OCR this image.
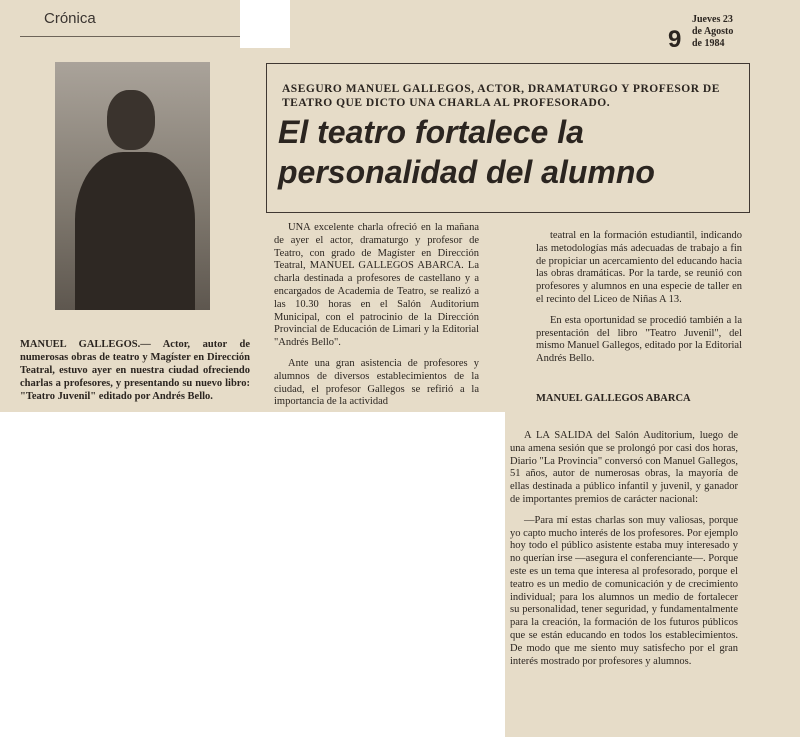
Crónica
9
Jueves 23
de Agosto
de 1984
MANUEL GALLEGOS.— Actor, autor de numerosas obras de teatro y Magíster en Dirección Teatral, estuvo ayer en nuestra ciudad ofreciendo charlas a profesores, y presentando su nuevo libro: "Teatro Juvenil" editado por Andrés Bello.
ASEGURO MANUEL GALLEGOS, ACTOR, DRAMATURGO Y PROFESOR DE TEATRO QUE DICTO UNA CHARLA AL PROFESORADO.
El teatro fortalece la personalidad del alumno

UNA excelente charla ofreció en la mañana de ayer el actor, dramaturgo y profesor de Teatro, con grado de Magíster en Dirección Teatral, MANUEL GALLEGOS ABARCA. La charla destinada a profesores de castellano y a encargados de Academia de Teatro, se realizó a las 10.30 horas en el Salón Auditorium Municipal, con el patrocinio de la Dirección Provincial de Educación de Limari y la Editorial "Andrés Bello".

Ante una gran asistencia de profesores y alumnos de diversos establecimientos de la ciudad, el profesor Gallegos se refirió a la importancia de la actividad

teatral en la formación estudiantil, indicando las metodologías más adecuadas de trabajo a fin de propiciar un acercamiento del educando hacia las obras dramáticas. Por la tarde, se reunió con profesores y alumnos en una especie de taller en el recinto del Liceo de Niñas A 13.

En esta oportunidad se procedió también a la presentación del libro "Teatro Juvenil", del mismo Manuel Gallegos, editado por la Editorial Andrés Bello.

MANUEL GALLEGOS ABARCA

A LA SALIDA del Salón Auditorium, luego de una amena sesión que se prolongó por casi dos horas, Diario "La Provincia" conversó con Manuel Gallegos, 51 años, autor de numerosas obras, la mayoría de ellas destinada a público infantil y juvenil, y ganador de importantes premios de carácter nacional:

—Para mí estas charlas son muy valiosas, porque yo capto mucho interés de los profesores. Por ejemplo hoy todo el público asistente estaba muy interesado y no querían irse —asegura el conferenciante—. Porque este es un tema que interesa al profesorado, porque el teatro es un medio de comunicación y de crecimiento individual; para los alumnos un medio de fortalecer su personalidad, tener seguridad, y fundamentalmente para la creación, la formación de los futuros públicos que se están educando en todos los establecimientos. De modo que me siento muy satisfecho por el gran interés mostrado por profesores y alumnos.
